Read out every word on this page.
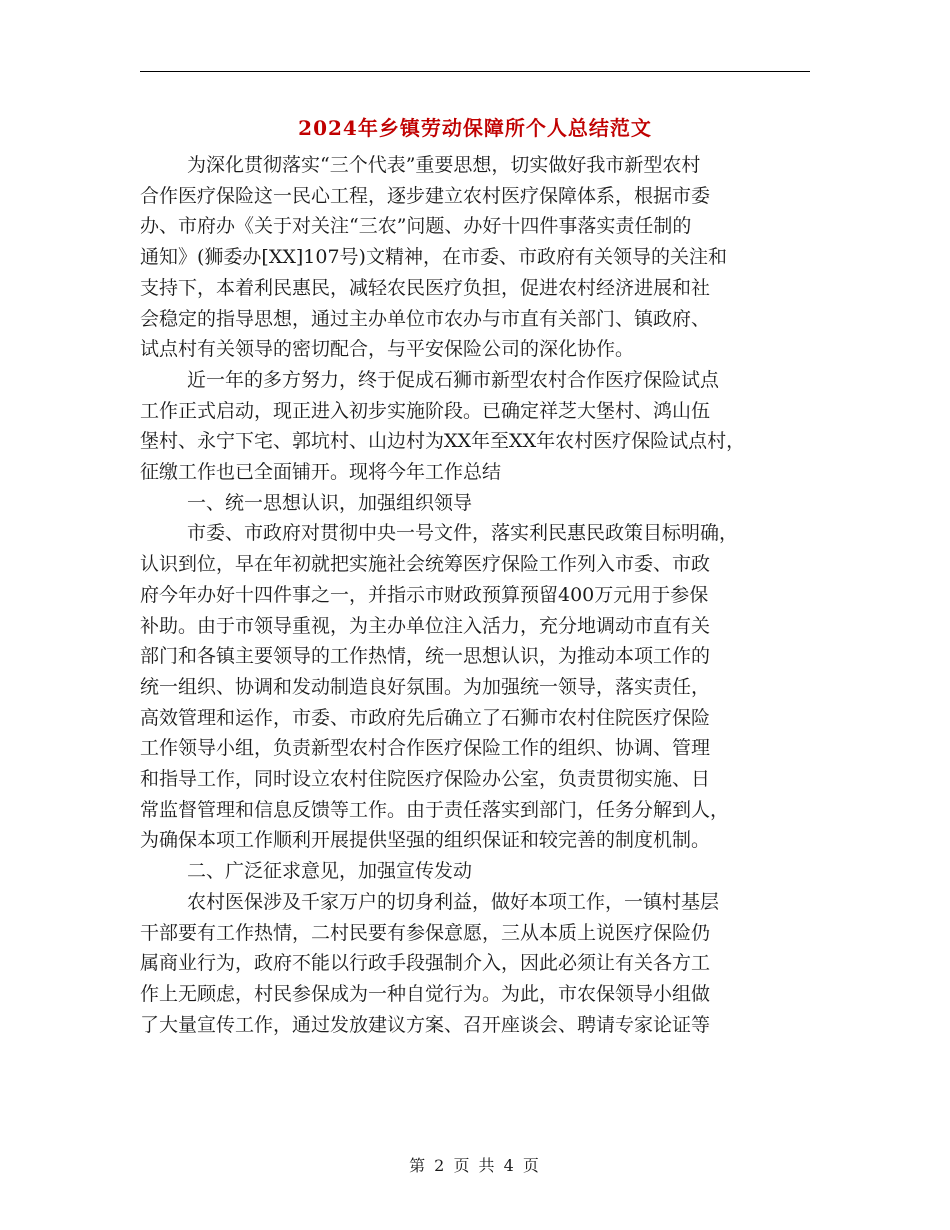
2024年乡镇劳动保障所个人总结范文
为深化贯彻落实“三个代表”重要思想，切实做好我市新型农村
合作医疗保险这一民心工程，逐步建立农村医疗保障体系，根据市委
办、市府办《关于对关注“三农”问题、办好十四件事落实责任制的
通知》(狮委办[XX]107号)文精神，在市委、市政府有关领导的关注和
支持下，本着利民惠民，减轻农民医疗负担，促进农村经济进展和社
会稳定的指导思想，通过主办单位市农办与市直有关部门、镇政府、
试点村有关领导的密切配合，与平安保险公司的深化协作。
近一年的多方努力，终于促成石狮市新型农村合作医疗保险试点
工作正式启动，现正进入初步实施阶段。已确定祥芝大堡村、鸿山伍
堡村、永宁下宅、郭坑村、山边村为XX年至XX年农村医疗保险试点村，
征缴工作也已全面铺开。现将今年工作总结
一、统一思想认识，加强组织领导
市委、市政府对贯彻中央一号文件，落实利民惠民政策目标明确，
认识到位，早在年初就把实施社会统筹医疗保险工作列入市委、市政
府今年办好十四件事之一，并指示市财政预算预留400万元用于参保
补助。由于市领导重视，为主办单位注入活力，充分地调动市直有关
部门和各镇主要领导的工作热情，统一思想认识，为推动本项工作的
统一组织、协调和发动制造良好氛围。为加强统一领导，落实责任，
高效管理和运作，市委、市政府先后确立了石狮市农村住院医疗保险
工作领导小组，负责新型农村合作医疗保险工作的组织、协调、管理
和指导工作，同时设立农村住院医疗保险办公室，负责贯彻实施、日
常监督管理和信息反馈等工作。由于责任落实到部门，任务分解到人，
为确保本项工作顺利开展提供坚强的组织保证和较完善的制度机制。
二、广泛征求意见，加强宣传发动
农村医保涉及千家万户的切身利益，做好本项工作，一镇村基层
干部要有工作热情，二村民要有参保意愿，三从本质上说医疗保险仍
属商业行为，政府不能以行政手段强制介入，因此必须让有关各方工
作上无顾虑，村民参保成为一种自觉行为。为此，市农保领导小组做
了大量宣传工作，通过发放建议方案、召开座谈会、聘请专家论证等
第 2 页 共 4 页
